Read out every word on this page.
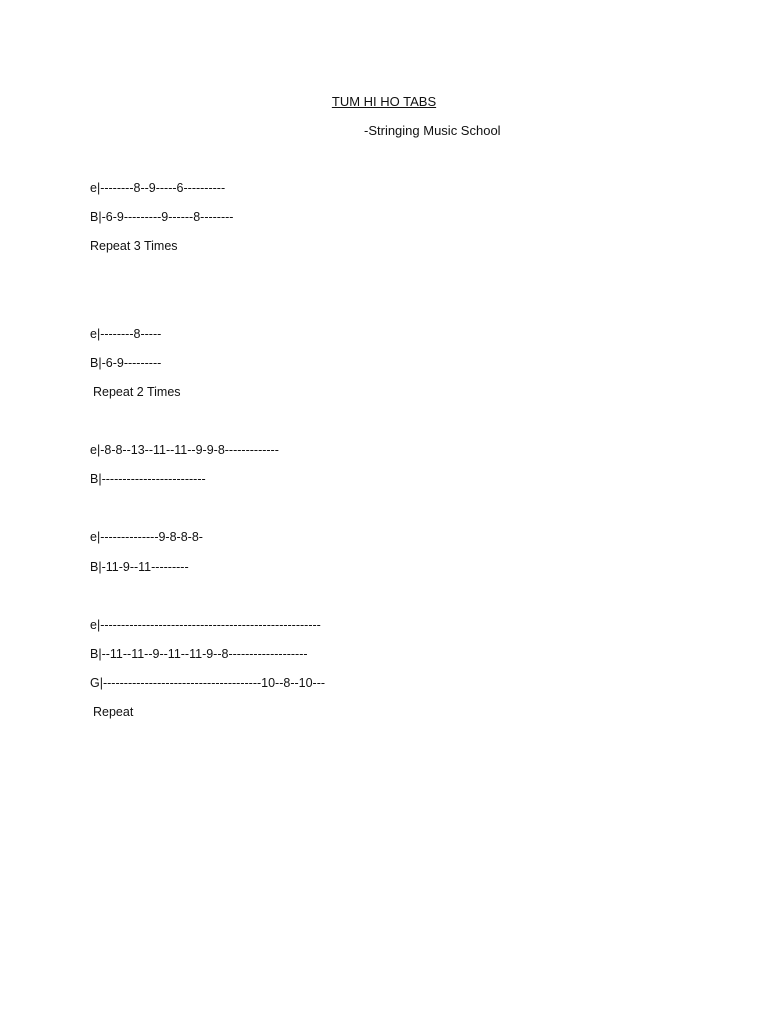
TUM HI HO TABS
-Stringing Music School
e|--------8--9-----6----------
B|-6-9---------9------8--------
Repeat 3 Times
e|--------8-----
B|-6-9---------
Repeat 2 Times
e|-8-8--13--11--11--9-9-8-------------
B|-------------------------
e|--------------9-8-8-8-
B|-11-9--11---------
e|-----------------------------------------------------
B|--11--11--9--11--11-9--8-------------------
G|--------------------------------------10--8--10---
Repeat
